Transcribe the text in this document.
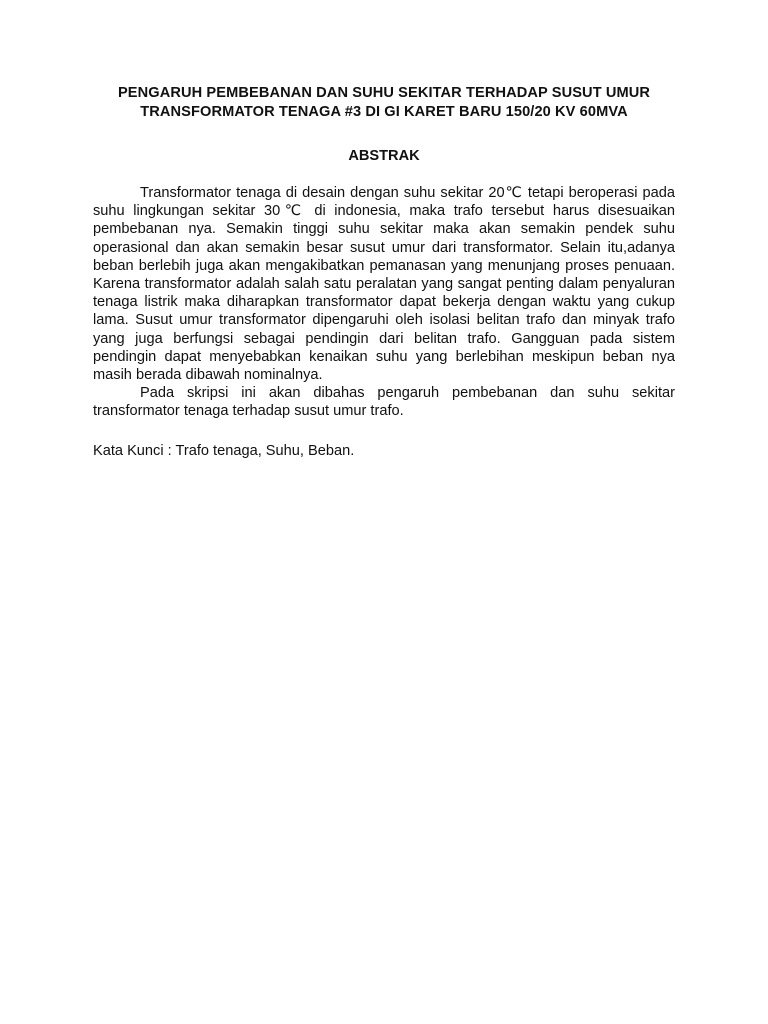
PENGARUH PEMBEBANAN DAN SUHU SEKITAR TERHADAP SUSUT UMUR
TRANSFORMATOR TENAGA #3 DI GI KARET BARU 150/20 KV 60MVA
ABSTRAK

Transformator tenaga di desain dengan suhu sekitar 20℃ tetapi beroperasi pada suhu lingkungan sekitar 30℃ di indonesia, maka trafo tersebut harus disesuaikan pembebanan nya. Semakin tinggi suhu sekitar maka akan semakin pendek suhu operasional dan akan semakin besar susut umur dari transformator. Selain itu,adanya beban berlebih juga akan mengakibatkan pemanasan yang menunjang proses penuaan. Karena transformator adalah salah satu peralatan yang sangat penting dalam penyaluran tenaga listrik maka diharapkan transformator dapat bekerja dengan waktu yang cukup lama. Susut umur transformator dipengaruhi oleh isolasi belitan trafo dan minyak trafo yang juga berfungsi sebagai pendingin dari belitan trafo. Gangguan pada sistem pendingin dapat menyebabkan kenaikan suhu yang berlebihan meskipun beban nya masih berada dibawah nominalnya.

Pada skripsi ini akan dibahas pengaruh pembebanan dan suhu sekitar transformator tenaga terhadap susut umur trafo.

Kata Kunci : Trafo tenaga, Suhu, Beban.
